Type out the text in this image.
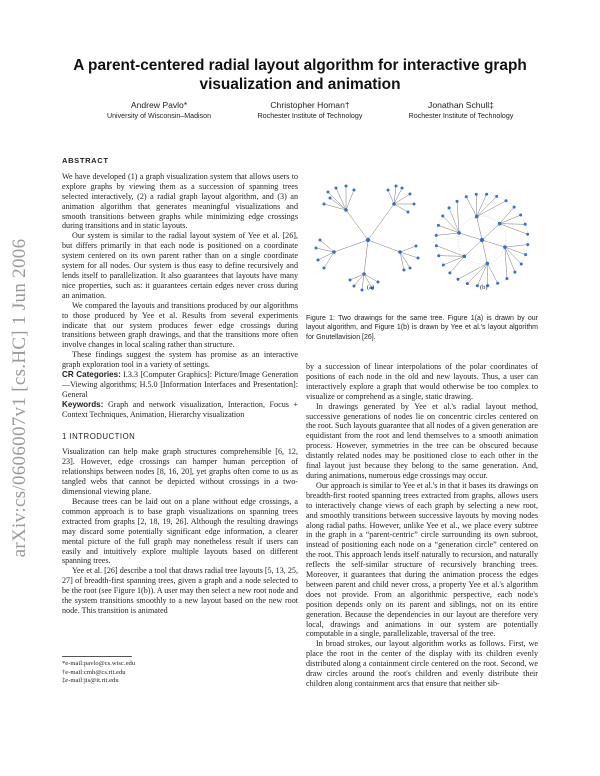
arXiv:cs/0606007v1 [cs.HC] 1 Jun 2006
A parent-centered radial layout algorithm for interactive graph visualization and animation
Andrew Pavlo*
University of Wisconsin–Madison
Christopher Homan†
Rochester Institute of Technology
Jonathan Schull‡
Rochester Institute of Technology
ABSTRACT

We have developed (1) a graph visualization system that allows users to explore graphs by viewing them as a succession of spanning trees selected interactively, (2) a radial graph layout algorithm, and (3) an animation algorithm that generates meaningful visualizations and smooth transitions between graphs while minimizing edge crossings during transitions and in static layouts.

Our system is similar to the radial layout system of Yee et al. [26], but differs primarily in that each node is positioned on a coordinate system centered on its own parent rather than on a single coordinate system for all nodes. Our system is thus easy to define recursively and lends itself to parallelization. It also guarantees that layouts have many nice properties, such as: it guarantees certain edges never cross during an animation.

We compared the layouts and transitions produced by our algorithms to those produced by Yee et al. Results from several experiments indicate that our system produces fewer edge crossings during transitions between graph drawings, and that the transitions more often involve changes in local scaling rather than structure.

These findings suggest the system has promise as an interactive graph exploration tool in a variety of settings.

CR Categories: I.3.3 [Computer Graphics]: Picture/Image Generation—Viewing algorithms; H.5.0 [Information Interfaces and Presentation]: General

Keywords: Graph and network visualization, Interaction, Focus + Context Techniques, Animation, Hierarchy visualization

1 INTRODUCTION

Visualization can help make graph structures comprehensible [6, 12, 23]. However, edge crossings can hamper human perception of relationships between nodes [8, 16, 20], yet graphs often come to us as tangled webs that cannot be depicted without crossings in a two-dimensional viewing plane.

Because trees can be laid out on a plane without edge crossings, a common approach is to base graph visualizations on spanning trees extracted from graphs [2, 18, 19, 26]. Although the resulting drawings may discard some potentially significant edge information, a clearer mental picture of the full graph may nonetheless result if users can easily and intuitively explore multiple layouts based on different spanning trees.

Yee et al. [26] describe a tool that draws radial tree layouts [5, 13, 25, 27] of breadth-first spanning trees, given a graph and a node selected to be the root (see Figure 1(b)). A user may then select a new root node and the system transitions smoothly to a new layout based on the new root node. This transition is animated

*e-mail:pavlo@cs.wisc.edu
†e-mail:cmh@cs.rit.edu
‡e-mail:jis@it.rit.edu
(a)	(b)
Figure 1: Two drawings for the same tree. Figure 1(a) is drawn by our layout algorithm, and Figure 1(b) is drawn by Yee et al.'s layout algorithm for Gnutellavision [26].

by a succession of linear interpolations of the polar coordinates of positions of each node in the old and new layouts. Thus, a user can interactively explore a graph that would otherwise be too complex to visualize or comprehend as a single, static drawing.

In drawings generated by Yee et al.'s radial layout method, successive generations of nodes lie on concentric circles centered on the root. Such layouts guarantee that all nodes of a given generation are equidistant from the root and lend themselves to a smooth animation process. However, symmetries in the tree can be obscured because distantly related nodes may be positioned close to each other in the final layout just because they belong to the same generation. And, during animations, numerous edge crossings may occur.

Our approach is similar to Yee et al.'s in that it bases its drawings on breadth-first rooted spanning trees extracted from graphs, allows users to interactively change views of each graph by selecting a new root, and smoothly transitions between successive layouts by moving nodes along radial paths. However, unlike Yee et al., we place every subtree in the graph in a “parent-centric” circle surrounding its own subroot, instead of positioning each node on a “generation circle” centered on the root. This approach lends itself naturally to recursion, and naturally reflects the self-similar structure of recursively branching trees. Moreover, it guarantees that during the animation process the edges between parent and child never cross, a property Yee et al.'s algorithm does not provide. From an algorithmic perspective, each node's position depends only on its parent and siblings, not on its entire generation. Because the dependencies in our layout are therefore very local, drawings and animations in our system are potentially computable in a single, parallelizable, traversal of the tree.

In broad strokes, our layout algorithm works as follows. First, we place the root in the center of the display with its children evenly distributed along a containment circle centered on the root. Second, we draw circles around the root's children and evenly distribute their children along containment arcs that ensure that neither sib-
